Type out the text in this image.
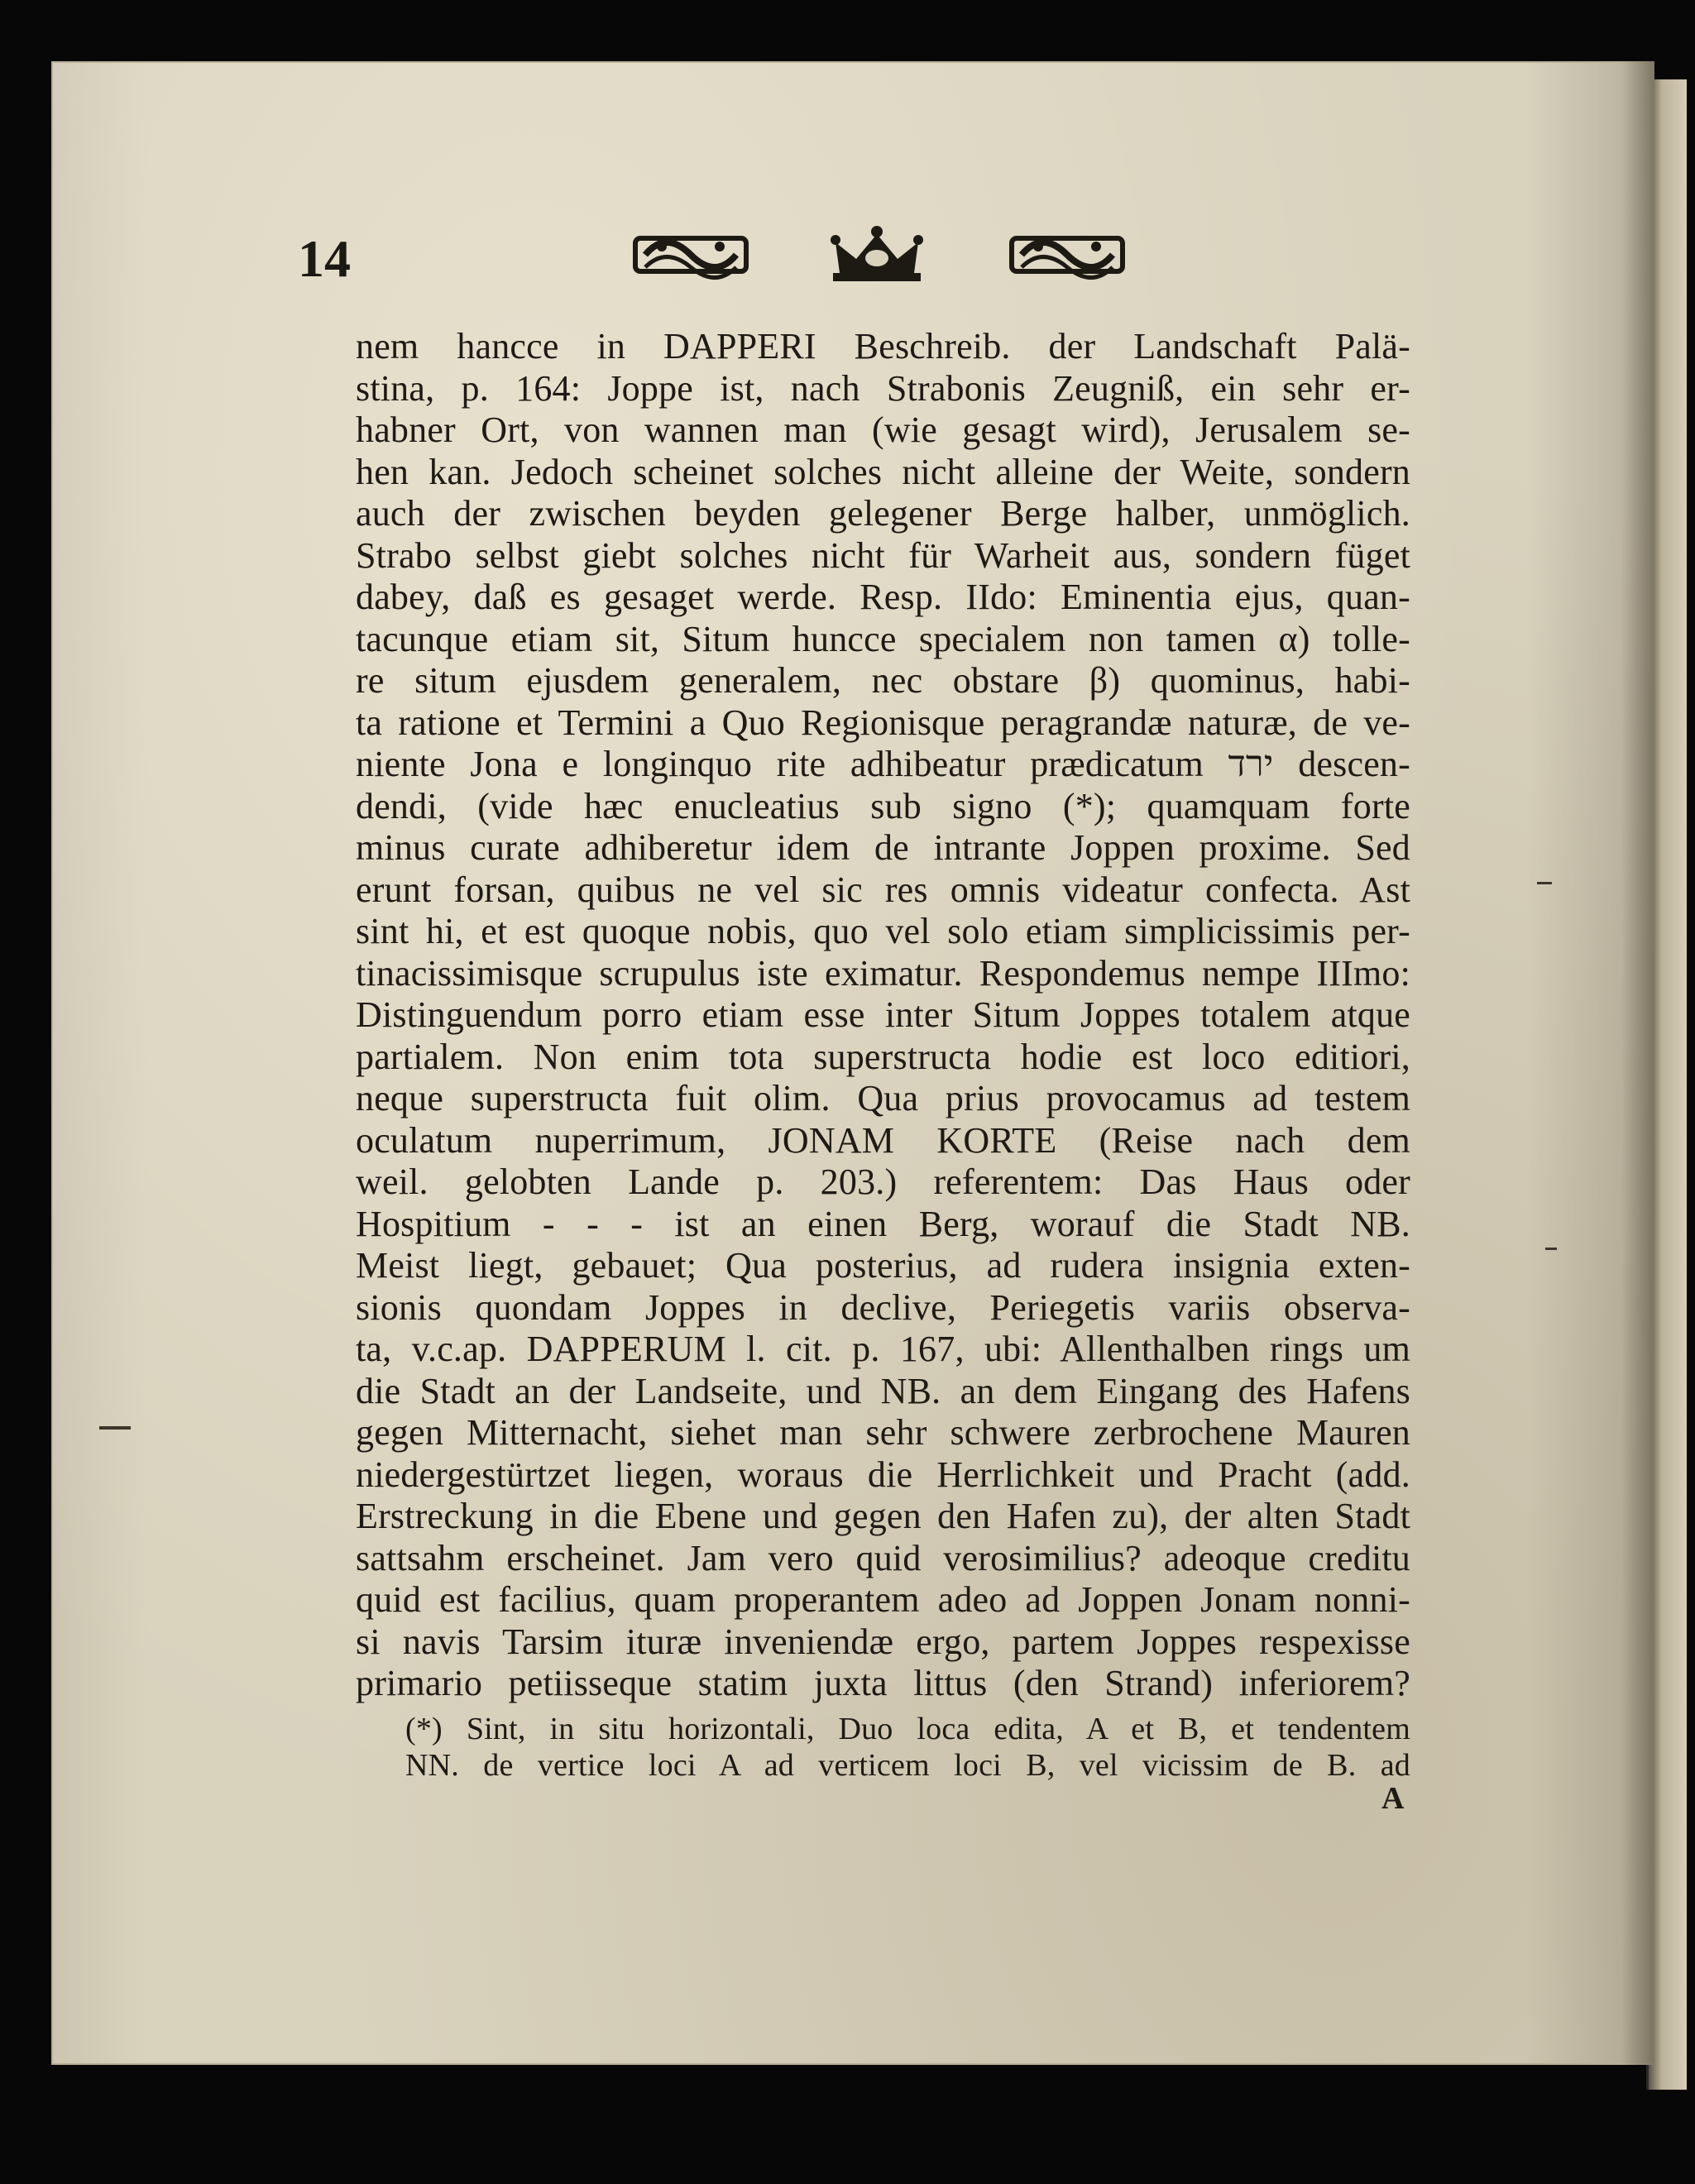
14
nem hancce in DAPPERI Beschreib. der Landschaft Palä-
stina, p. 164: Joppe ist, nach Strabonis Zeugniß, ein sehr er-
habner Ort, von wannen man (wie gesagt wird), Jerusalem se-
hen kan. Jedoch scheinet solches nicht alleine der Weite, sondern
auch der zwischen beyden gelegener Berge halber, unmöglich.
Strabo selbst giebt solches nicht für Warheit aus, sondern füget
dabey, daß es gesaget werde. Resp. IIdo: Eminentia ejus, quan-
tacunque etiam sit, Situm huncce specialem non tamen α) tolle-
re situm ejusdem generalem, nec obstare β) quominus, habi-
ta ratione et Termini a Quo Regionisque peragrandæ naturæ, de ve-
niente Jona e longinquo rite adhibeatur prædicatum ירד descen-
dendi, (vide hæc enucleatius sub signo (*); quamquam forte
minus curate adhiberetur idem de intrante Joppen proxime. Sed
erunt forsan, quibus ne vel sic res omnis videatur confecta. Ast
sint hi, et est quoque nobis, quo vel solo etiam simplicissimis per-
tinacissimisque scrupulus iste eximatur. Respondemus nempe IIImo:
Distinguendum porro etiam esse inter Situm Joppes totalem atque
partialem. Non enim tota superstructa hodie est loco editiori,
neque superstructa fuit olim. Qua prius provocamus ad testem
oculatum nuperrimum, JONAM KORTE (Reise nach dem
weil. gelobten Lande p. 203.) referentem: Das Haus oder
Hospitium - - - ist an einen Berg, worauf die Stadt NB.
Meist liegt, gebauet; Qua posterius, ad rudera insignia exten-
sionis quondam Joppes in declive, Periegetis variis observa-
ta, v.c.ap. DAPPERUM l. cit. p. 167, ubi: Allenthalben rings um
die Stadt an der Landseite, und NB. an dem Eingang des Hafens
gegen Mitternacht, siehet man sehr schwere zerbrochene Mauren
niedergestürtzet liegen, woraus die Herrlichkeit und Pracht (add.
Erstreckung in die Ebene und gegen den Hafen zu), der alten Stadt
sattsahm erscheinet. Jam vero quid verosimilius? adeoque creditu
quid est facilius, quam properantem adeo ad Joppen Jonam nonni-
si navis Tarsim ituræ inveniendæ ergo, partem Joppes respexisse
primario petiisseque statim juxta littus (den Strand) inferiorem?
(*) Sint, in situ horizontali, Duo loca edita, A et B, et tendentem
NN. de vertice loci A ad verticem loci B, vel vicissim de B. ad
A
